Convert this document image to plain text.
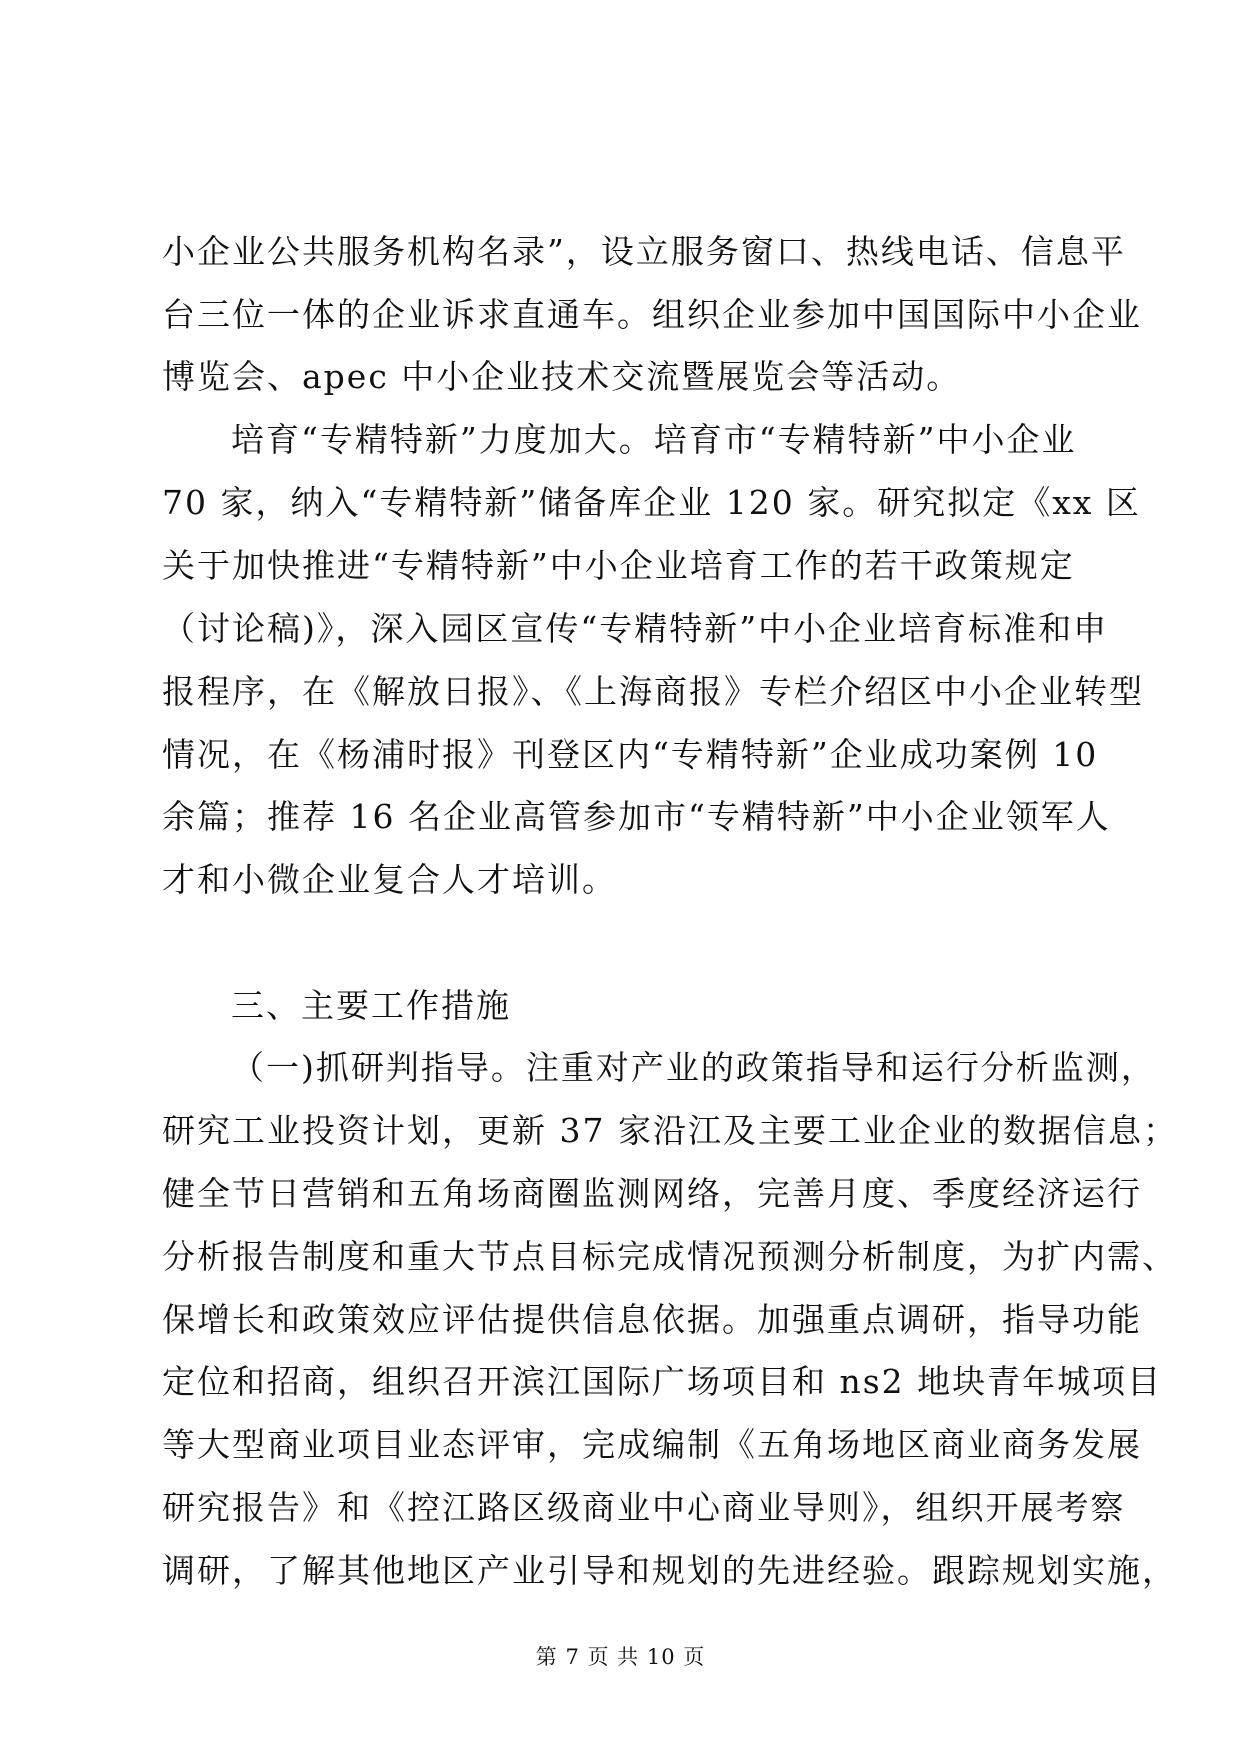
小企业公共服务机构名录”，设立服务窗口、热线电话、信息平
台三位一体的企业诉求直通车。组织企业参加中国国际中小企业
博览会、apec 中小企业技术交流暨展览会等活动。
培育“专精特新”力度加大。培育市“专精特新”中小企业
70 家，纳入“专精特新”储备库企业 120 家。研究拟定《xx 区
关于加快推进“专精特新”中小企业培育工作的若干政策规定
（讨论稿)》，深入园区宣传“专精特新”中小企业培育标准和申
报程序，在《解放日报》、《上海商报》专栏介绍区中小企业转型
情况，在《杨浦时报》刊登区内“专精特新”企业成功案例 10
余篇；推荐 16 名企业高管参加市“专精特新”中小企业领军人
才和小微企业复合人才培训。
三、主要工作措施
（一)抓研判指导。注重对产业的政策指导和运行分析监测，
研究工业投资计划，更新 37 家沿江及主要工业企业的数据信息；
健全节日营销和五角场商圈监测网络，完善月度、季度经济运行
分析报告制度和重大节点目标完成情况预测分析制度，为扩内需、
保增长和政策效应评估提供信息依据。加强重点调研，指导功能
定位和招商，组织召开滨江国际广场项目和 ns2 地块青年城项目
等大型商业项目业态评审，完成编制《五角场地区商业商务发展
研究报告》和《控江路区级商业中心商业导则》，组织开展考察
调研，了解其他地区产业引导和规划的先进经验。跟踪规划实施，
第 7 页 共 10 页
